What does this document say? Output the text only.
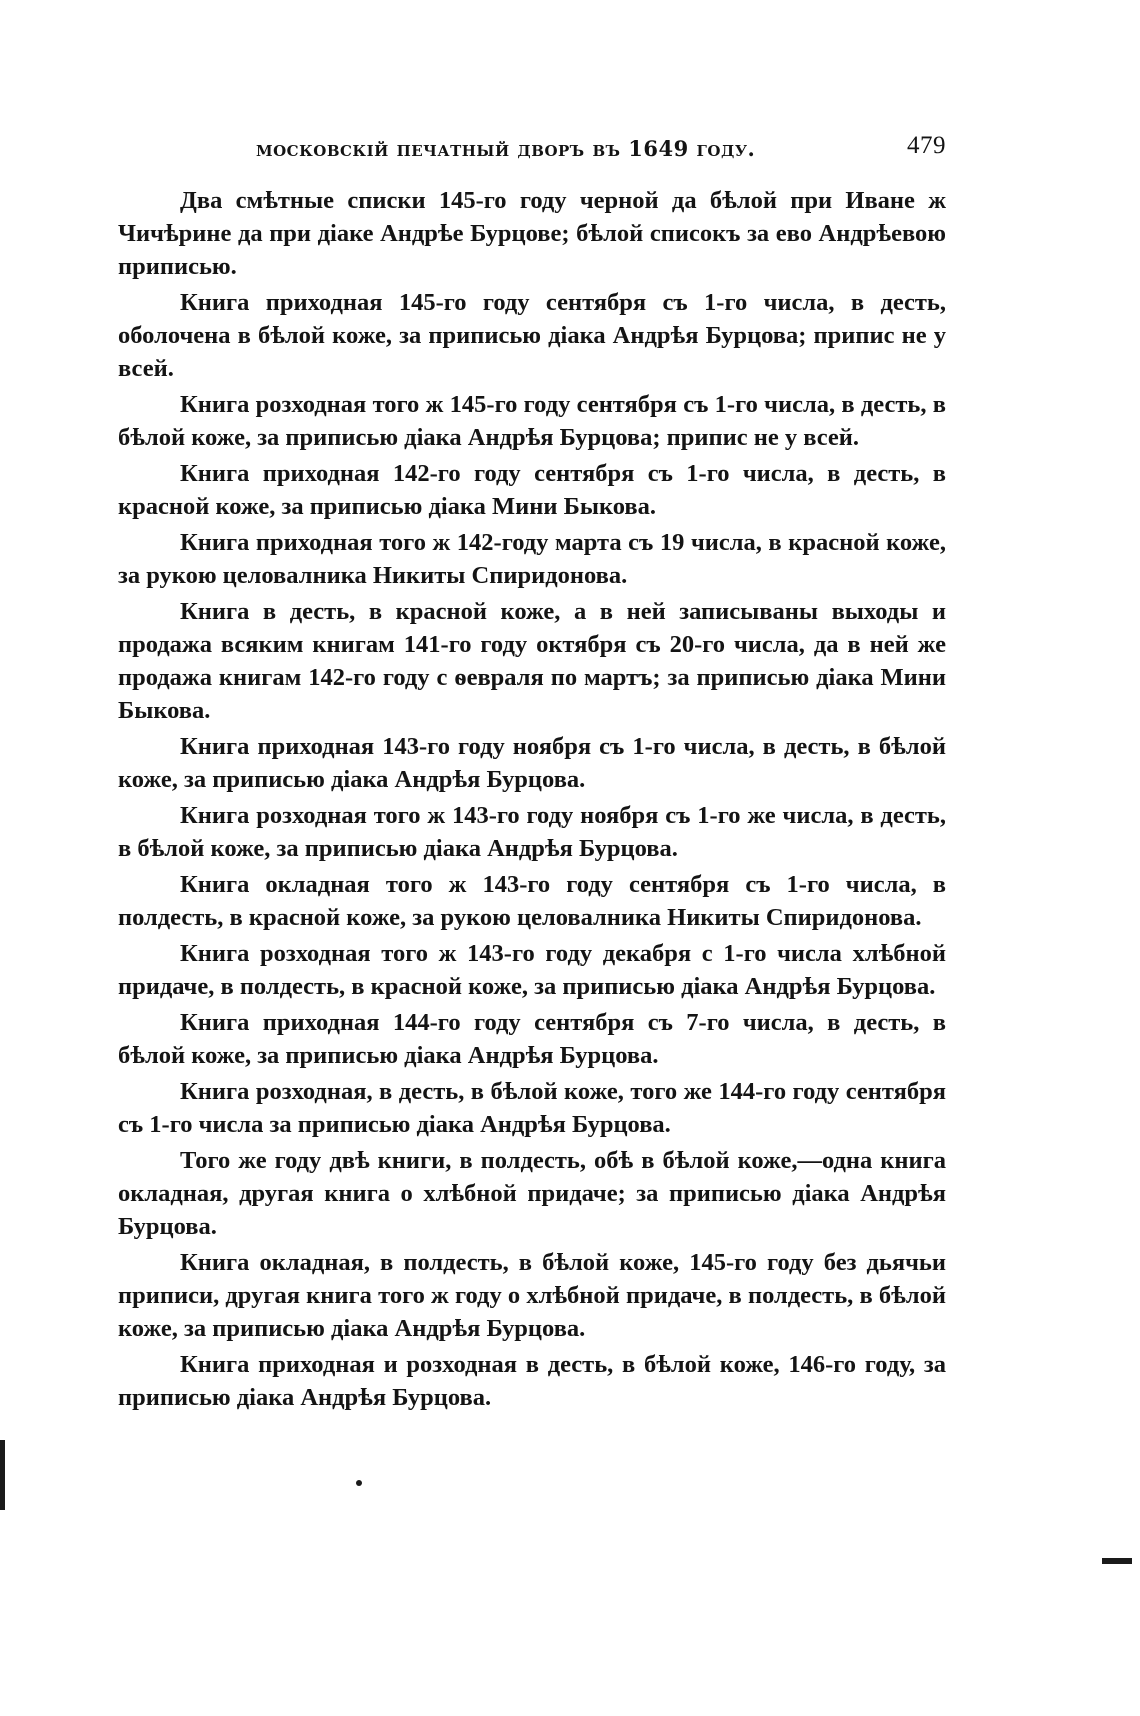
московскій печатный дворъ въ 1649 году.	479

Два смѣтные списки 145-го году черной да бѣлой при Иване ж Чичѣрине да при діаке Андрѣе Бурцове; бѣлой списокъ за ево Андрѣевою приписью.

Книга приходная 145-го году сентября съ 1-го числа, в десть, оболочена в бѣлой коже, за приписью діака Андрѣя Бурцова; припис не у всей.

Книга розходная того ж 145-го году сентября съ 1-го числа, в десть, в бѣлой коже, за приписью діака Андрѣя Бурцова; припис не у всей.

Книга приходная 142-го году сентября съ 1-го числа, в десть, в красной коже, за приписью діака Мини Быкова.

Книга приходная того ж 142-году марта съ 19 числа, в красной коже, за рукою целовалника Никиты Спиридонова.

Книга в десть, в красной коже, а в ней записываны выходы и продажа всяким книгам 141-го году октября съ 20-го числа, да в ней же продажа книгам 142-го году с ѳевраля по мартъ; за приписью діака Мини Быкова.

Книга приходная 143-го году ноября съ 1-го числа, в десть, в бѣлой коже, за приписью діака Андрѣя Бурцова.

Книга розходная того ж 143-го году ноября съ 1-го же числа, в десть, в бѣлой коже, за приписью діака Андрѣя Бурцова.

Книга окладная того ж 143-го году сентября съ 1-го числа, в полдесть, в красной коже, за рукою целовалника Никиты Спиридонова.

Книга розходная того ж 143-го году декабря с 1-го числа хлѣбной придаче, в полдесть, в красной коже, за приписью діака Андрѣя Бурцова.

Книга приходная 144-го году сентября съ 7-го числа, в десть, в бѣлой коже, за приписью діака Андрѣя Бурцова.

Книга розходная, в десть, в бѣлой коже, того же 144-го году сентября съ 1-го числа за приписью діака Андрѣя Бурцова.

Того же году двѣ книги, в полдесть, обѣ в бѣлой коже,—одна книга окладная, другая книга о хлѣбной придаче; за приписью діака Андрѣя Бурцова.

Книга окладная, в полдесть, в бѣлой коже, 145-го году без дьячьи приписи, другая книга того ж году о хлѣбной придаче, в полдесть, в бѣлой коже, за приписью діака Андрѣя Бурцова.

Книга приходная и розходная в десть, в бѣлой коже, 146-го году, за приписью діака Андрѣя Бурцова.
